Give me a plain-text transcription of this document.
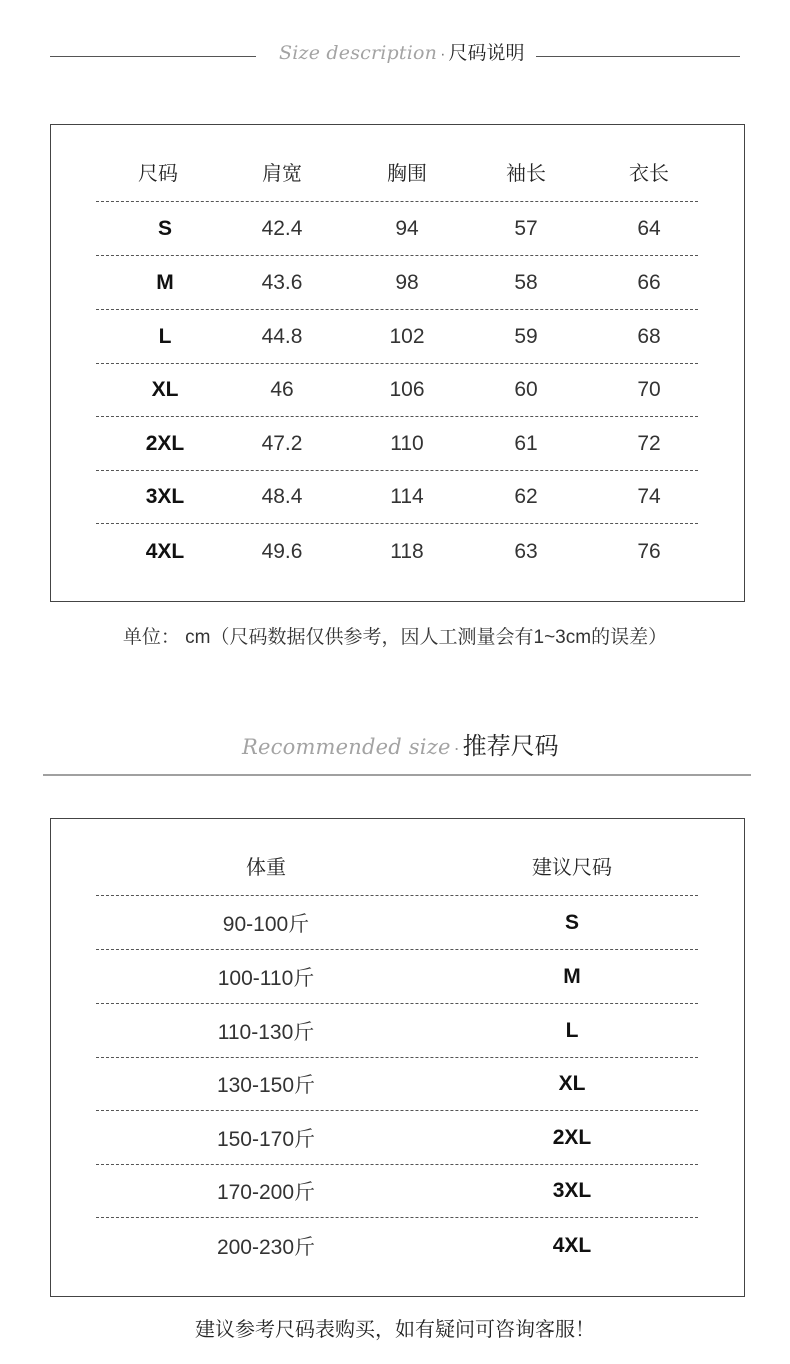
Size description · 尺码说明
尺码	肩宽	胸围	袖长	衣长
S	42.4	94	57	64
M	43.6	98	58	66
L	44.8	102	59	68
XL	46	106	60	70
2XL	47.2	110	61	72
3XL	48.4	114	62	74
4XL	49.6	118	63	76
单位： cm（尺码数据仅供参考，因人工测量会有1~3cm的误差）
Recommended size · 推荐尺码
体重	建议尺码
90-100斤	S
100-110斤	M
110-130斤	L
130-150斤	XL
150-170斤	2XL
170-200斤	3XL
200-230斤	4XL
建议参考尺码表购买，如有疑问可咨询客服！
